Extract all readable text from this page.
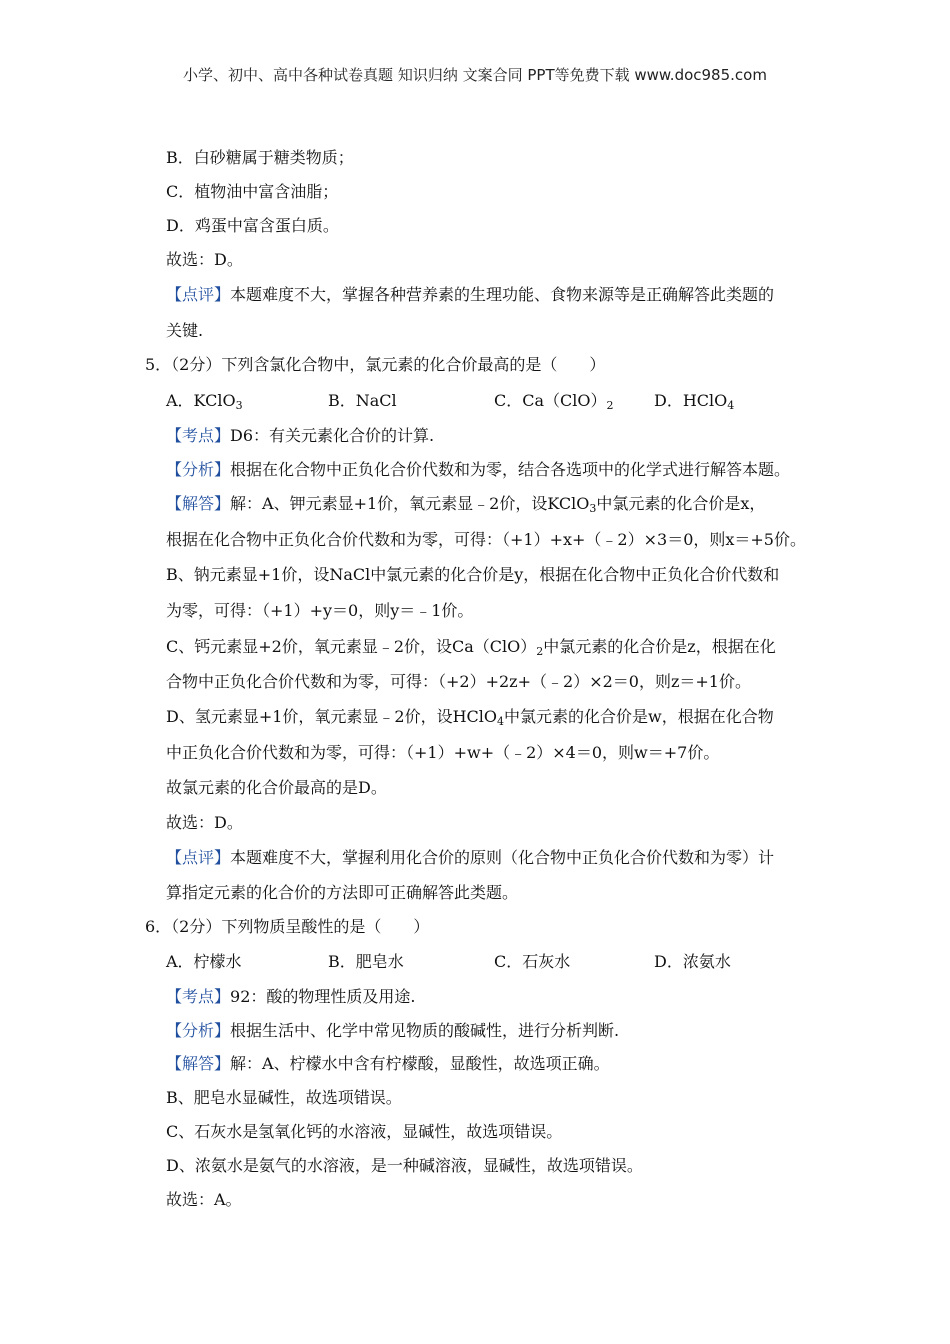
小学、初中、高中各种试卷真题 知识归纳 文案合同 PPT等免费下载 www.doc985.com
B．白砂糖属于糖类物质；
C．植物油中富含油脂；
D．鸡蛋中富含蛋白质。
故选：D。
【点评】本题难度不大，掌握各种营养素的生理功能、食物来源等是正确解答此类题的
关键.
5．（2分）下列含氯化合物中，氯元素的化合价最高的是（　　）
A．KClO$_3$	B．NaCl	C．$Ca(ClO)_2$	D．HClO$_4$
【考点】D6：有关元素化合价的计算.
【分析】根据在化合物中正负化合价代数和为零，结合各选项中的化学式进行解答本题。
【解答】解：A、钾元素显+1价，氧元素显﹣2价，设KClO$_3$中氯元素的化合价是x，
根据在化合物中正负化合价代数和为零，可得：（+1）+x+（﹣2）×3＝0，则x＝+5价。
B、钠元素显+1价，设NaCl中氯元素的化合价是y，根据在化合物中正负化合价代数和
为零，可得：（+1）+y＝0，则y＝﹣1价。
C、钙元素显+2价，氧元素显﹣2价，设$Ca(ClO)_2$中氯元素的化合价是z，根据在化
合物中正负化合价代数和为零，可得：（+2）+2z+（﹣2）×2＝0，则z＝+1价。
D、氢元素显+1价，氧元素显﹣2价，设HClO$_4$中氯元素的化合价是w，根据在化合物
中正负化合价代数和为零，可得：（+1）+w+（﹣2）×4＝0，则w＝+7价。
故氯元素的化合价最高的是D。
故选：D。
【点评】本题难度不大，掌握利用化合价的原则（化合物中正负化合价代数和为零）计
算指定元素的化合价的方法即可正确解答此类题。
6．（2分）下列物质呈酸性的是（　　）
A．柠檬水	B．肥皂水	C．石灰水	D．浓氨水
【考点】92：酸的物理性质及用途.
【分析】根据生活中、化学中常见物质的酸碱性，进行分析判断.
【解答】解：A、柠檬水中含有柠檬酸，显酸性，故选项正确。
B、肥皂水显碱性，故选项错误。
C、石灰水是氢氧化钙的水溶液，显碱性，故选项错误。
D、浓氨水是氨气的水溶液，是一种碱溶液，显碱性，故选项错误。
故选：A。
